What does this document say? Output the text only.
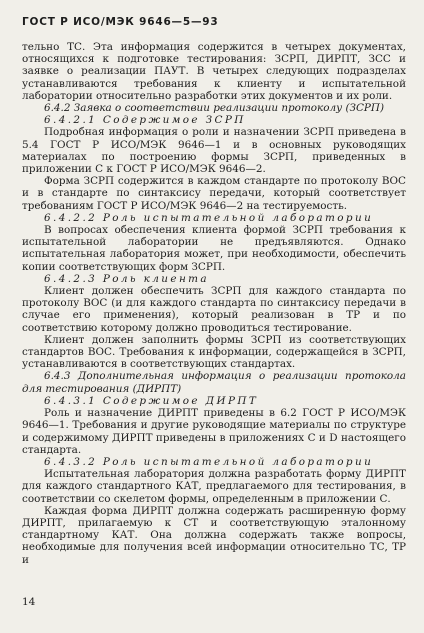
ГОСТ Р ИСО/МЭК 9646—5—93

тельно ТС. Эта информация содержится в четырех документах, относящихся к подготовке тестирования: ЗСРП, ДИРПТ, ЗСС и заявке о реализации ПАУТ. В четырех следующих подразделах устанавливаются требования к клиенту и испытательной лаборатории относительно разработки этих документов и их роли.

6.4.2 Заявка о соответствии реализации протоколу (ЗСРП)

6.4.2.1 Содержимое ЗСРП

Подробная информация о роли и назначении ЗСРП приведена в 5.4 ГОСТ Р ИСО/МЭК 9646—1 и в основных руководящих материалах по построению формы ЗСРП, приведенных в приложении С к ГОСТ Р ИСО/МЭК 9646—2.

Форма ЗСРП содержится в каждом стандарте по протоколу ВОС и в стандарте по синтаксису передачи, который соответствует требованиям ГОСТ Р ИСО/МЭК 9646—2 на тестируемость.

6.4.2.2 Роль испытательной лаборатории

В вопросах обеспечения клиента формой ЗСРП требования к испытательной лаборатории не предъявляются. Однако испытательная лаборатория может, при необходимости, обеспечить копии соответствующих форм ЗСРП.

6.4.2.3 Роль клиента

Клиент должен обеспечить ЗСРП для каждого стандарта по протоколу ВОС (и для каждого стандарта по синтаксису передачи в случае его применения), который реализован в ТР и по соответствию которому должно проводиться тестирование.

Клиент должен заполнить формы ЗСРП из соответствующих стандартов ВОС. Требования к информации, содержащейся в ЗСРП, устанавливаются в соответствующих стандартах.

6.4.3 Дополнительная информация о реализации протокола для тестирования (ДИРПТ)

6.4.3.1 Содержимое ДИРПТ

Роль и назначение ДИРПТ приведены в 6.2 ГОСТ Р ИСО/МЭК 9646—1. Требования и другие руководящие материалы по структуре и содержимому ДИРПТ приведены в приложениях С и D настоящего стандарта.

6.4.3.2 Роль испытательной лаборатории

Испытательная лаборатория должна разработать форму ДИРПТ для каждого стандартного КАТ, предлагаемого для тестирования, в соответствии со скелетом формы, определенным в приложении С.

Каждая форма ДИРПТ должна содержать расширенную форму ДИРПТ, прилагаемую к СТ и соответствующую эталонному стандартному КАТ. Она должна содержать также вопросы, необходимые для получения всей информации относительно ТС, ТР и

14
